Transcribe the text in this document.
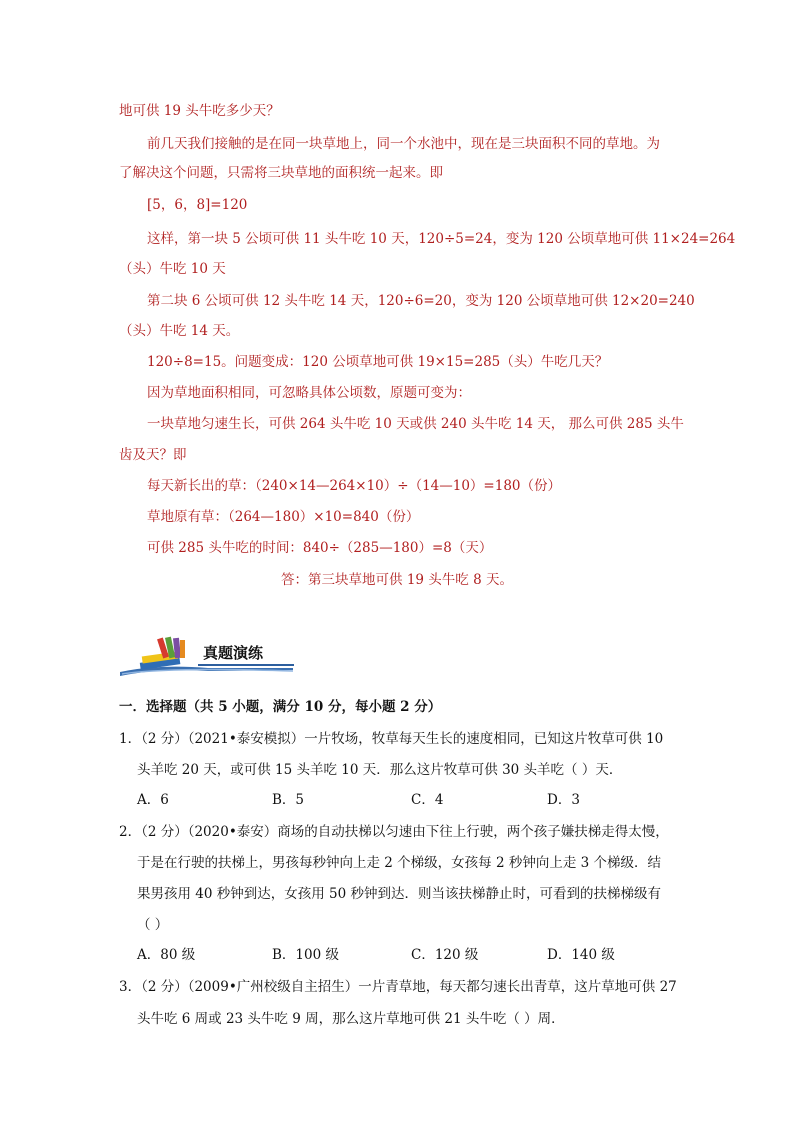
地可供 19 头牛吃多少天？
前几天我们接触的是在同一块草地上，同一个水池中，现在是三块面积不同的草地。为
了解决这个问题，只需将三块草地的面积统一起来。即
[5，6，8]=120
这样，第一块 5 公顷可供 11 头牛吃 10 天，120÷5=24，变为 120 公顷草地可供 11×24=264
（头）牛吃 10 天
第二块 6 公顷可供 12 头牛吃 14 天，120÷6=20，变为 120 公顷草地可供 12×20=240
（头）牛吃 14 天。
120÷8=15。问题变成：120 公顷草地可供 19×15=285（头）牛吃几天？
因为草地面积相同，可忽略具体公顷数，原题可变为：
一块草地匀速生长，可供 264 头牛吃 10 天或供 240 头牛吃 14 天， 那么可供 285 头牛
齿及天？即
每天新长出的草：（240×14—264×10）÷（14—10）=180（份）
草地原有草：（264—180）×10=840（份）
可供 285 头牛吃的时间：840÷（285—180）=8（天）
答：第三块草地可供 19 头牛吃 8 天。
真题演练
一．选择题（共 5 小题，满分 10 分，每小题 2 分）
1．（2 分）（2021•泰安模拟）一片牧场，牧草每天生长的速度相同，已知这片牧草可供 10
头羊吃 20 天，或可供 15 头羊吃 10 天．那么这片牧草可供 30 头羊吃（ ）天．
A．6	B．5	C．4	D．3
2．（2 分）（2020•泰安）商场的自动扶梯以匀速由下往上行驶，两个孩子嫌扶梯走得太慢，
于是在行驶的扶梯上，男孩每秒钟向上走 2 个梯级，女孩每 2 秒钟向上走 3 个梯级．结
果男孩用 40 秒钟到达，女孩用 50 秒钟到达．则当该扶梯静止时，可看到的扶梯梯级有
（ ）
A．80 级	B．100 级	C．120 级	D．140 级
3．（2 分）（2009•广州校级自主招生）一片青草地，每天都匀速长出青草，这片草地可供 27
头牛吃 6 周或 23 头牛吃 9 周，那么这片草地可供 21 头牛吃（ ）周．
